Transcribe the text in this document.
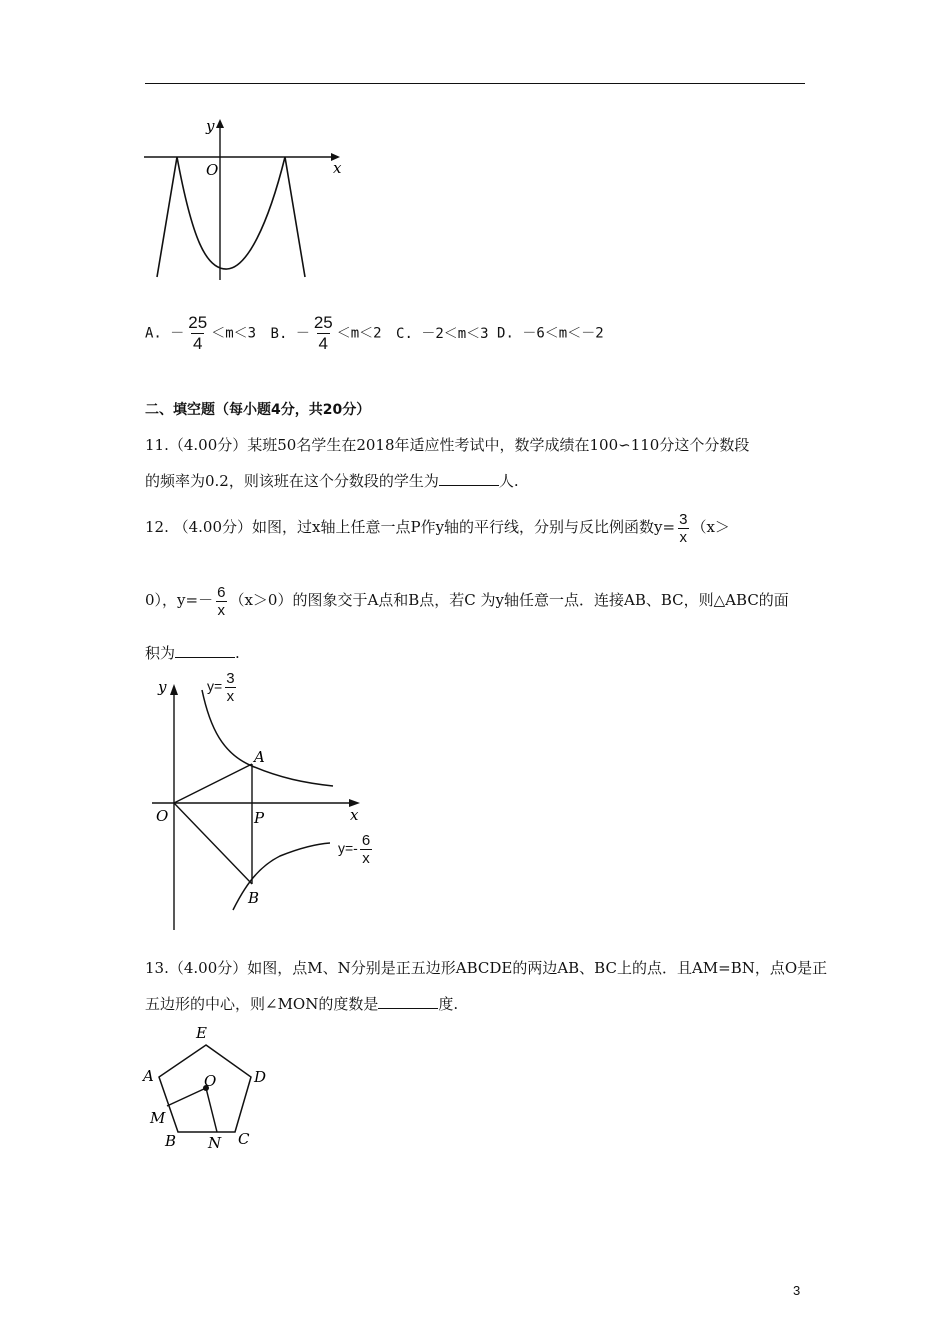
y
x
O
A. － $\frac{25}{4} <m<3$ B. － $\frac{25}{4} <m<2$ C. －2＜m＜3 D. －6＜m＜－2
二、填空题（每小题4分，共20分）
11.（4.00分）某班50名学生在2018年适应性考试中，数学成绩在100∽110分这个分数段
的频率为0.2，则该班在这个分数段的学生为	人.
12. （4.00分）如图，过x轴上任意一点P作y轴的平行线，分别与反比例函数$y= \frac{3}{x} (x>$
0），$y=- \frac{6}{x} (x>0)$的图象交于A点和B点，若C 为y轴任意一点．连接AB、BC，则△ABC的面
积为	.
y
x
O	P
A
B
$y= \frac{3}{x}$
$y=- \frac{6}{x}$
13.（4.00分）如图，点M、N分别是正五边形ABCDE的两边AB、BC上的点．且AM=BN，点O是正
五边形的中心，则∠MON的度数是	度.
E
A	D
O
M
B N C
3
